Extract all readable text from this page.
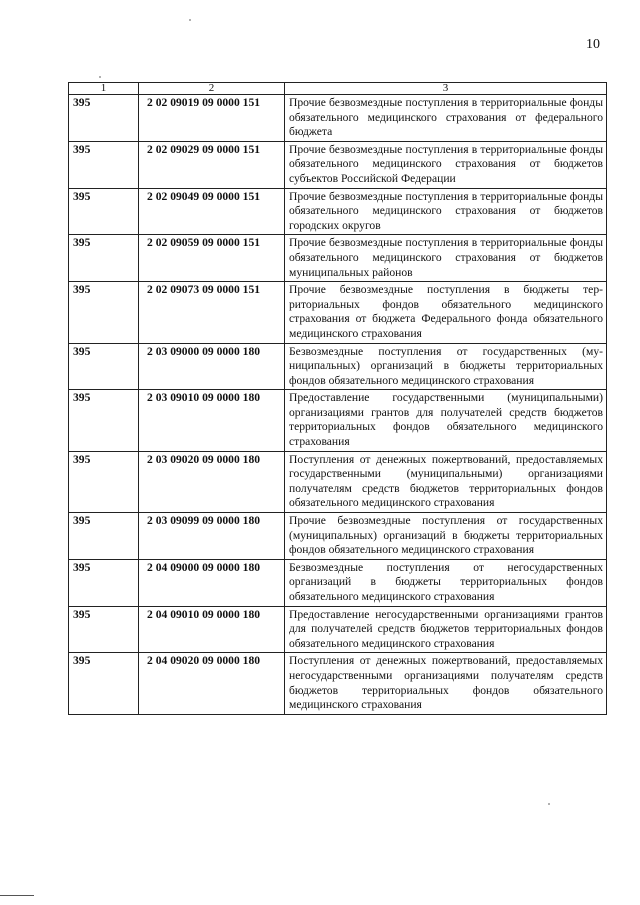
10
1	2	3
395	2 02 09019 09 0000 151	Прочие безвозмездные поступления в территориальные фонды обязательного медицинского страхования от федерального бюджета
395	2 02 09029 09 0000 151	Прочие безвозмездные поступления в территориальные фонды обязательного медицинского страхования от бюджетов субъектов Российской Федерации
395	2 02 09049 09 0000 151	Прочие безвозмездные поступления в территориальные фонды обязательного медицинского страхования от бюджетов городских округов
395	2 02 09059 09 0000 151	Прочие безвозмездные поступления в территориальные фонды обязательного медицинского страхования от бюджетов муниципальных районов
395	2 02 09073 09 0000 151	Прочие безвозмездные поступления в бюджеты территориальных фондов обязательного медицинского страхования от бюджета Федерального фонда обязательного медицинского страхования
395	2 03 09000 09 0000 180	Безвозмездные поступления от государственных (муниципальных) организаций в бюджеты территориальных фондов обязательного медицинского страхования
395	2 03 09010 09 0000 180	Предоставление государственными (муниципальными) организациями грантов для получателей средств бюджетов территориальных фондов обязательного медицинского страхования
395	2 03 09020 09 0000 180	Поступления от денежных пожертвований, предоставляемых государственными (муниципальными) организациями получателям средств бюджетов территориальных фондов обязательного медицинского страхования
395	2 03 09099 09 0000 180	Прочие безвозмездные поступления от государственных (муниципальных) организаций в бюджеты территориальных фондов обязательного медицинского страхования
395	2 04 09000 09 0000 180	Безвозмездные поступления от негосударственных организаций в бюджеты территориальных фондов обязательного медицинского страхования
395	2 04 09010 09 0000 180	Предоставление негосударственными организациями грантов для получателей средств бюджетов территориальных фондов обязательного медицинского страхования
395	2 04 09020 09 0000 180	Поступления от денежных пожертвований, предоставляемых негосударственными организациями получателям средств бюджетов территориальных фондов обязательного медицинского страхования
